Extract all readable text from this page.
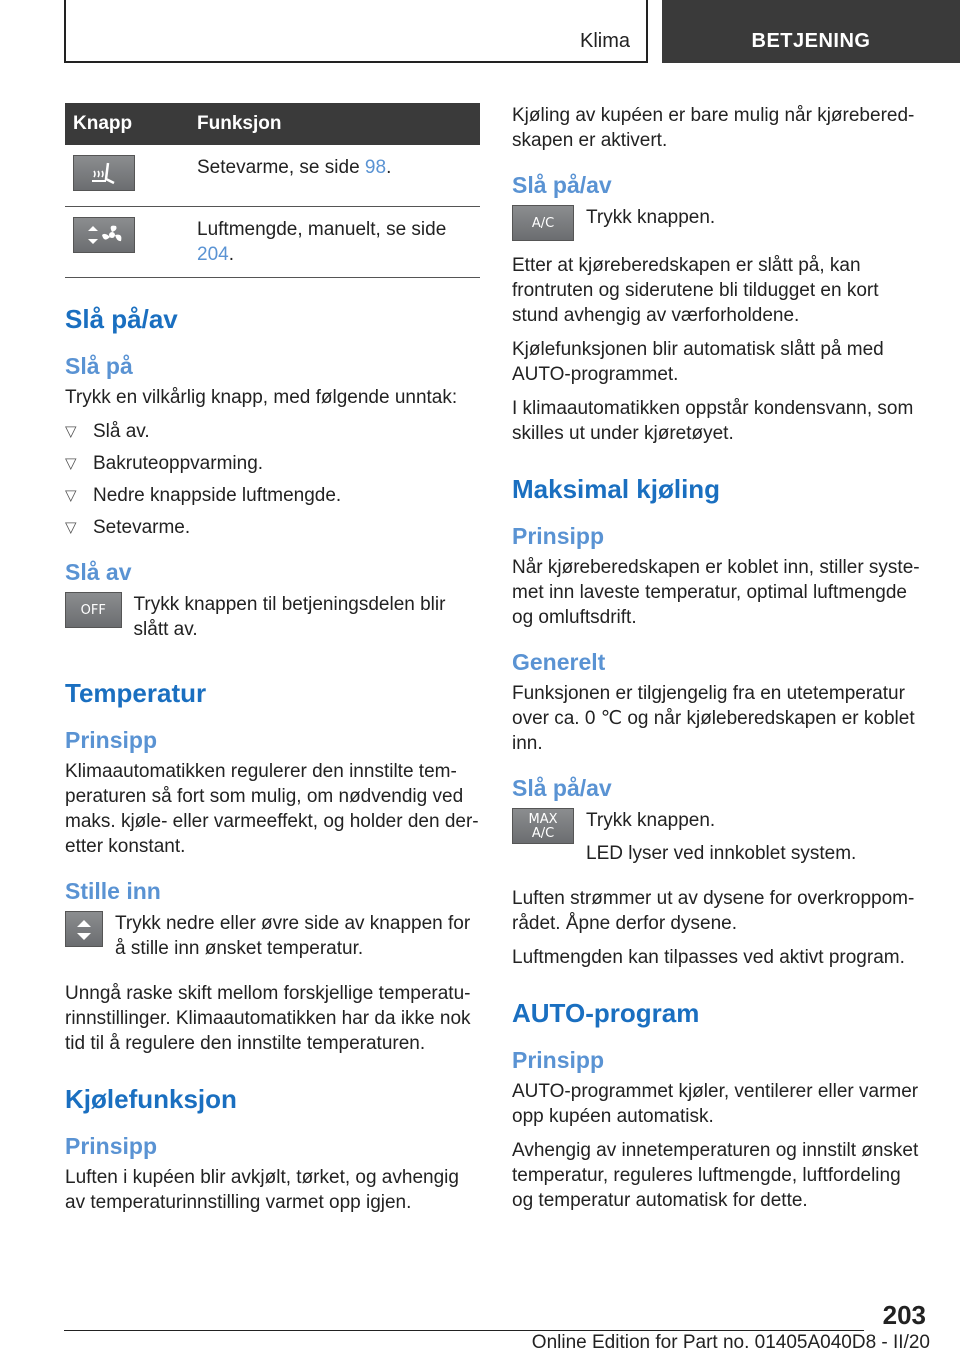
Klima	BETJENING
Knapp	Funksjon
	Setevarme, se side 98.
	Luftmengde, manuelt, se side 204.
Slå på/av
Slå på

Trykk en vilkårlig knapp, med følgende unntak:

▽ Slå av.
▽ Bakruteoppvarming.
▽ Nedre knappside luftmengde.
▽ Setevarme.
Slå av
OFF	Trykk knappen til betjeningsdelen blir slått av.

Temperatur
Prinsipp

Klimaautomatikken regulerer den innstilte temperaturen så fort som mulig, om nødvendig ved maks. kjøle- eller varmeeffekt, og holder den deretter konstant.

Stille inn

Trykk nedre eller øvre side av knappen for å stille inn ønsket temperatur.

Unngå raske skift mellom forskjellige temperaturinnstillinger. Klimaautomatikken har da ikke nok tid til å regulere den innstilte temperaturen.

Kjølefunksjon
Prinsipp

Luften i kupéen blir avkjølt, tørket, og avhengig av temperaturinnstilling varmet opp igjen.

Kjøling av kupéen er bare mulig når kjøreberedskapen er aktivert.

Slå på/av
A/C	Trykk knappen.

Etter at kjøreberedskapen er slått på, kan frontruten og siderutene bli tildugget en kort stund avhengig av værforholdene.

Kjølefunksjonen blir automatisk slått på med AUTO-programmet.

I klimaautomatikken oppstår kondensvann, som skilles ut under kjøretøyet.

Maksimal kjøling
Prinsipp

Når kjøreberedskapen er koblet inn, stiller systemet inn laveste temperatur, optimal luftmengde og omluftsdrift.

Generelt

Funksjonen er tilgjengelig fra en utetemperatur over ca. 0 ℃ og når kjøleberedskapen er koblet inn.

Slå på/av
MAX
A/C

Trykk knappen.

LED lyser ved innkoblet system.

Luften strømmer ut av dysene for overkroppområdet. Åpne derfor dysene.

Luftmengden kan tilpasses ved aktivt program.

AUTO-program
Prinsipp

AUTO-programmet kjøler, ventilerer eller varmer opp kupéen automatisk.

Avhengig av innetemperaturen og innstilt ønsket temperatur, reguleres luftmengde, luftfordeling og temperatur automatisk for dette.

203
Online Edition for Part no. 01405A040D8 - II/20
